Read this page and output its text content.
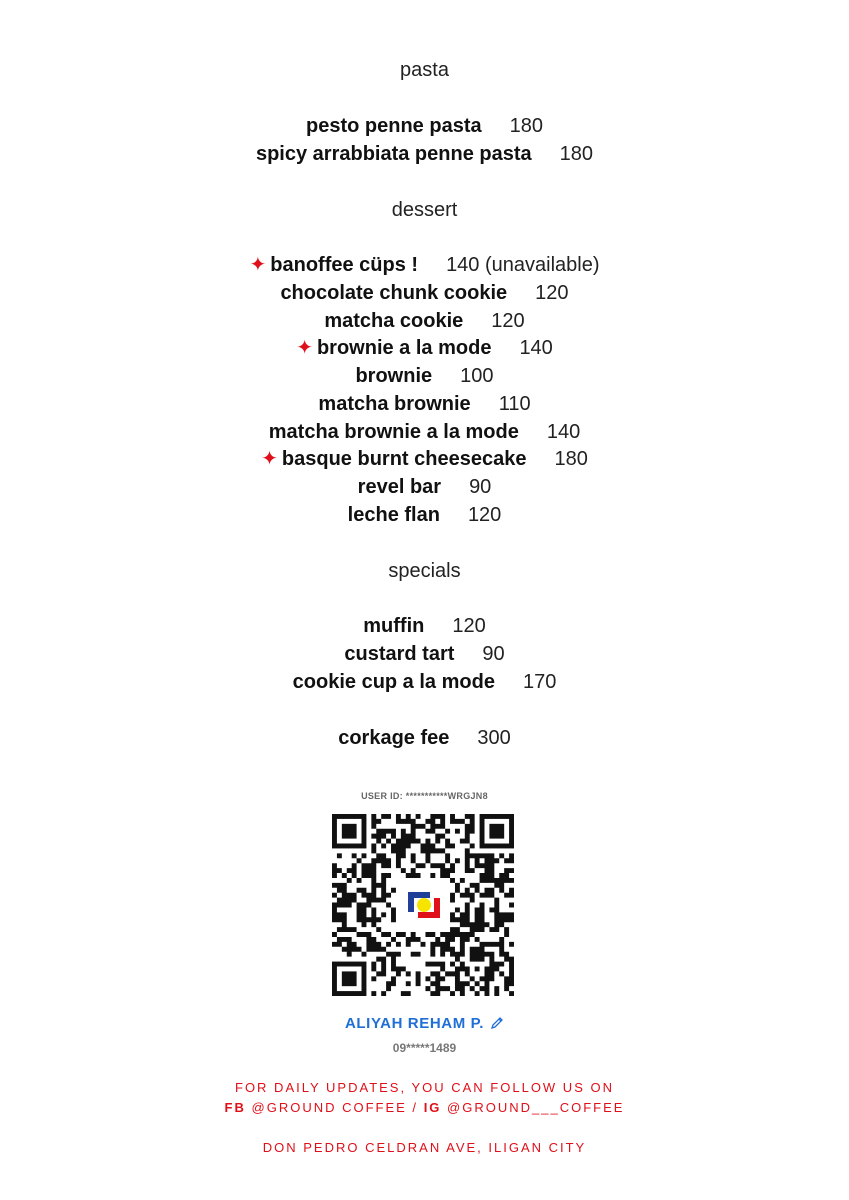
pasta
pesto penne pasta 180
spicy arrabbiata penne pasta 180
dessert
✦ banoffee cüps ! 140 (unavailable)
chocolate chunk cookie 120
matcha cookie 120
✦ brownie a la mode 140
brownie 100
matcha brownie 110
matcha brownie a la mode 140
✦ basque burnt cheesecake 180
revel bar 90
leche flan 120
specials
muffin 120
custard tart 90
cookie cup a la mode 170
corkage fee 300
USER ID: ***********WRGJN8
ALIYAH REHAM P.
09*****1489
FOR DAILY UPDATES, YOU CAN FOLLOW US ON
FB @GROUND COFFEE / IG @GROUND___COFFEE
DON PEDRO CELDRAN AVE, ILIGAN CITY
